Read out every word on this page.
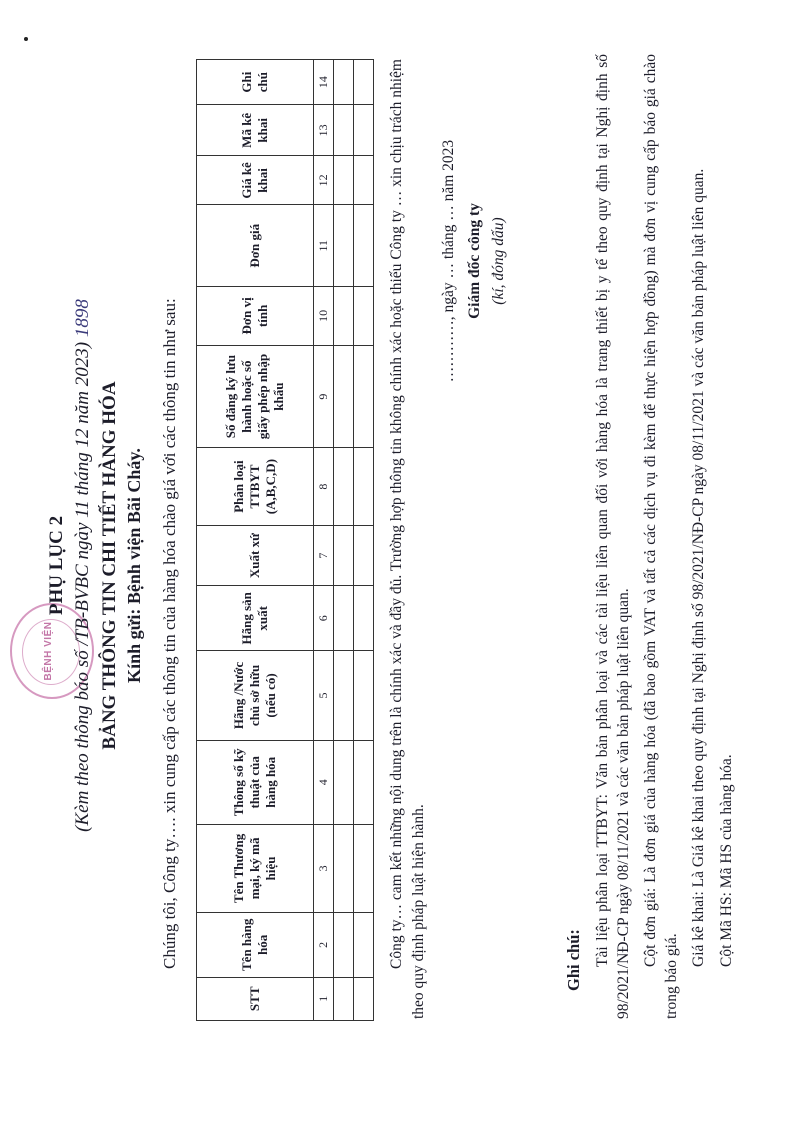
BỆNH VIỆN
PHỤ LỤC 2 (Kèm theo thông báo số /TB-BVBC ngày 11 tháng 12 năm 2023) 1898
BẢNG THÔNG TIN CHI TIẾT HÀNG HÓA Kính gửi: Bệnh viện Bãi Cháy. Chúng tôi, Công ty…. xin cung cấp các thông tin của hàng hóa chào giá với các thông tin như sau:
STT	Tên hàng hóa	Tên Thương mại, ký mã hiệu	Thông số kỹ thuật của hàng hóa	Hãng /Nước chủ sở hữu (nếu có)	Hãng sản xuất	Xuất xứ	Phân loại TTBYT (A,B,C,D)	Số đăng ký lưu hành hoặc số giấy phép nhập khẩu	Đơn vị tính	Đơn giá	Giá kê khai	Mã kê khai	Ghi chú
1	2	3	4	5	6	7	8	9	10	11	12	13	14

														Công ty… cam kết những nội dung trên là chính xác và đầy đủ. Trường hợp thông tin không chính xác hoặc thiếu Công ty … xin chịu trách nhiệm theo quy định pháp luật hiện hành.
…………, ngày … tháng … năm 2023 Giám đốc công ty (kí, đóng dấu)
Ghi chú: Tài liệu phân loại TTBYT: Văn bản phân loại và các tài liệu liên quan đối với hàng hóa là trang thiết bị y tế theo quy định tại Nghị định số 98/2021/NĐ-CP ngày 08/11/2021 và các văn bản pháp luật liên quan. Cột đơn giá: Là đơn giá của hàng hóa (đã bao gồm VAT và tất cả các dịch vụ đi kèm để thực hiện hợp đồng) mà đơn vị cung cấp báo giá chào trong báo giá.
Giá kê khai: Là Giá kê khai theo quy định tại Nghị định số 98/2021/NĐ-CP ngày 08/11/2021 và các văn bản pháp luật liên quan. Cột Mã HS: Mã HS của hàng hóa.
